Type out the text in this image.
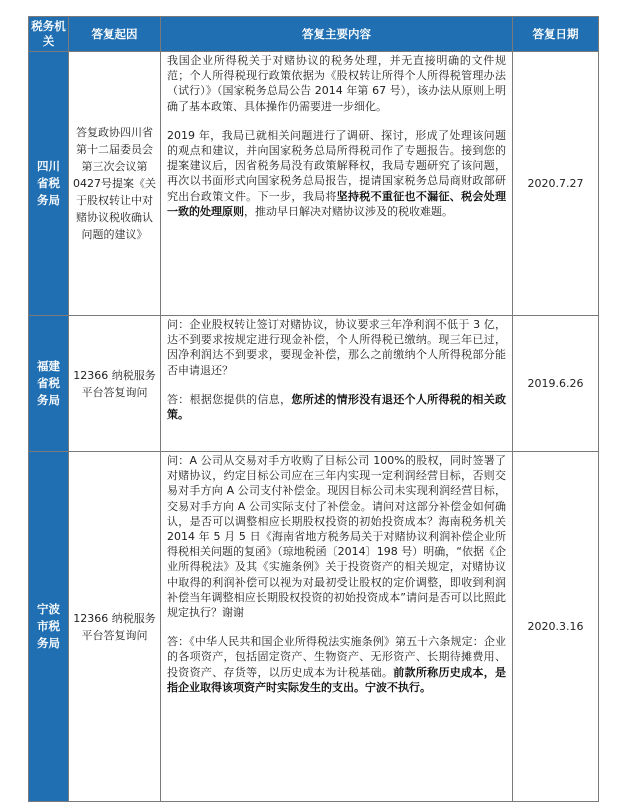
税务机关	答复起因	答复主要内容	答复日期
四川省税务局	答复政协四川省第十二届委员会第三次会议第0427号提案《关于股权转让中对赌协议税收确认问题的建议》	我国企业所得税关于对赌协议的税务处理，并无直接明确的文件规范；个人所得税现行政策依据为《股权转让所得个人所得税管理办法（试行）》（国家税务总局公告 2014 年第 67 号），该办法从原则上明确了基本政策、具体操作仍需要进一步细化。

2019 年，我局已就相关问题进行了调研、探讨，形成了处理该问题的观点和建议，并向国家税务总局所得税司作了专题报告。接到您的提案建议后，因省税务局没有政策解释权，我局专题研究了该问题，再次以书面形式向国家税务总局报告，提请国家税务总局商财政部研究出台政策文件。下一步，我局将坚持税不重征也不漏征、税会处理一致的处理原则，推动早日解决对赌协议涉及的税收难题。	2020.7.27
福建省税务局	12366 纳税服务平台答复询问	问：企业股权转让签订对赌协议，协议要求三年净利润不低于 3 亿，达不到要求按规定进行现金补偿，个人所得税已缴纳。现三年已过，因净利润达不到要求，要现金补偿，那么之前缴纳个人所得税部分能否申请退还？

答：根据您提供的信息，您所述的情形没有退还个人所得税的相关政策。	2019.6.26
宁波市税务局	12366 纳税服务平台答复询问	问：A 公司从交易对手方收购了目标公司 100%的股权，同时签署了对赌协议，约定目标公司应在三年内实现一定利润经营目标，否则交易对手方向 A 公司支付补偿金。现因目标公司未实现利润经营目标，交易对手方向 A 公司实际支付了补偿金。请问对这部分补偿金如何确认，是否可以调整相应长期股权投资的初始投资成本？海南税务机关 2014 年 5 月 5 日《海南省地方税务局关于对赌协议利润补偿企业所得税相关问题的复函》（琼地税函〔2014〕198 号）明确，“依据《企业所得税法》及其《实施条例》关于投资资产的相关规定，对赌协议中取得的利润补偿可以视为对最初受让股权的定价调整，即收到利润补偿当年调整相应长期股权投资的初始投资成本”请问是否可以比照此规定执行？谢谢

答：《中华人民共和国企业所得税法实施条例》第五十六条规定：企业的各项资产，包括固定资产、生物资产、无形资产、长期待摊费用、投资资产、存货等，以历史成本为计税基础。前款所称历史成本，是指企业取得该项资产时实际发生的支出。宁波不执行。	2020.3.16
